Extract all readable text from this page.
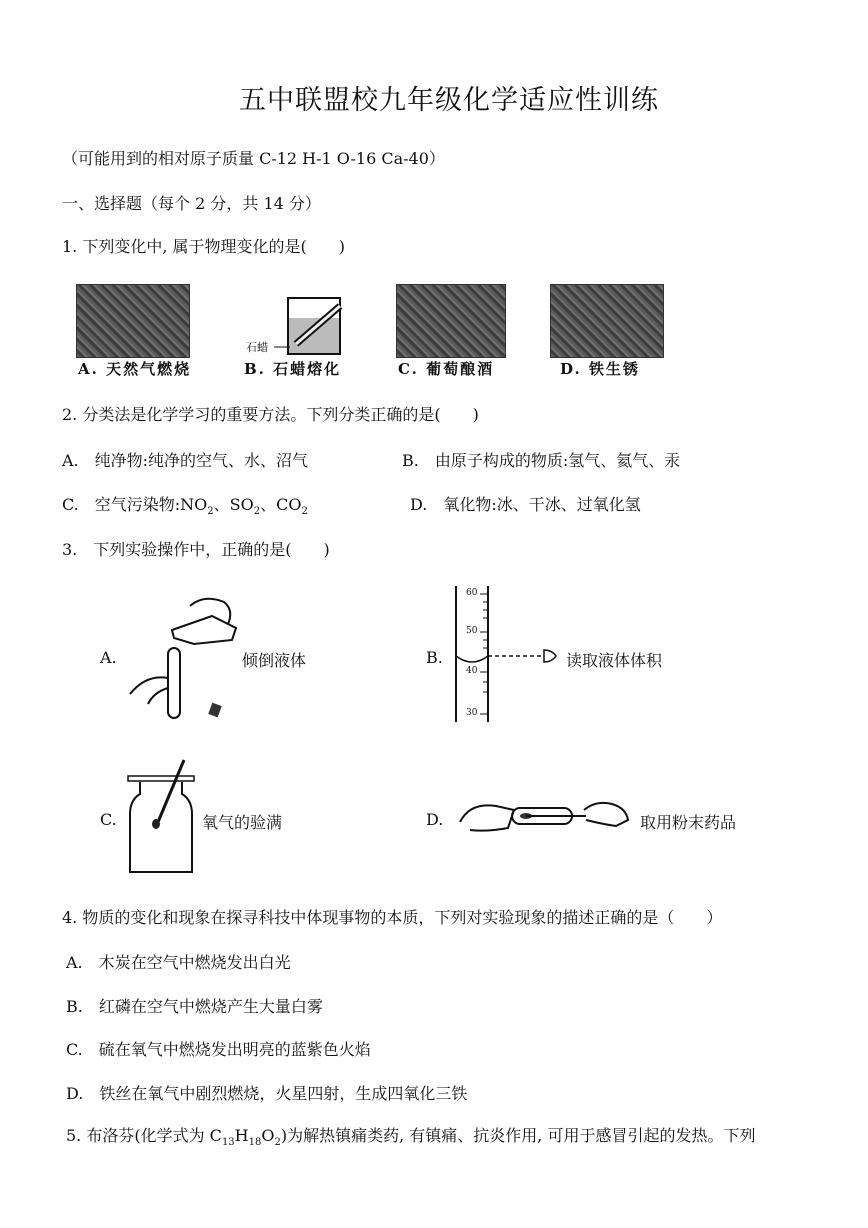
五中联盟校九年级化学适应性训练
（可能用到的相对原子质量 C-12 H-1 O-16 Ca-40）
一、选择题（每个 2 分，共 14 分）
1. 下列变化中, 属于物理变化的是(　　)
A. 天然气燃烧
石蜡
B. 石蜡熔化	C. 葡萄酿酒	D. 铁生锈
2. 分类法是化学学习的重要方法。下列分类正确的是(　　)
A.　纯净物:纯净的空气、水、沼气	B.　由原子构成的物质:氢气、氦气、汞
C.　空气污染物$:NO_2$、$SO_2$、$CO_2$	D.　氧化物:冰、干冰、过氧化氢
3.　下列实验操作中，正确的是(　　)
A.	倾倒液体	B.
60
50
40
30
读取液体体积
C.	氧气的验满	D.	取用粉末药品
4. 物质的变化和现象在探寻科技中体现事物的本质，下列对实验现象的描述正确的是（　　）
A.　木炭在空气中燃烧发出白光
B.　红磷在空气中燃烧产生大量白雾
C.　硫在氧气中燃烧发出明亮的蓝紫色火焰
D.　铁丝在氧气中剧烈燃烧，火星四射，生成四氧化三铁
5. 布洛芬(化学式为 $C_{13}H_{18}O_2$)为解热镇痛类药, 有镇痛、抗炎作用, 可用于感冒引起的发热。下列
